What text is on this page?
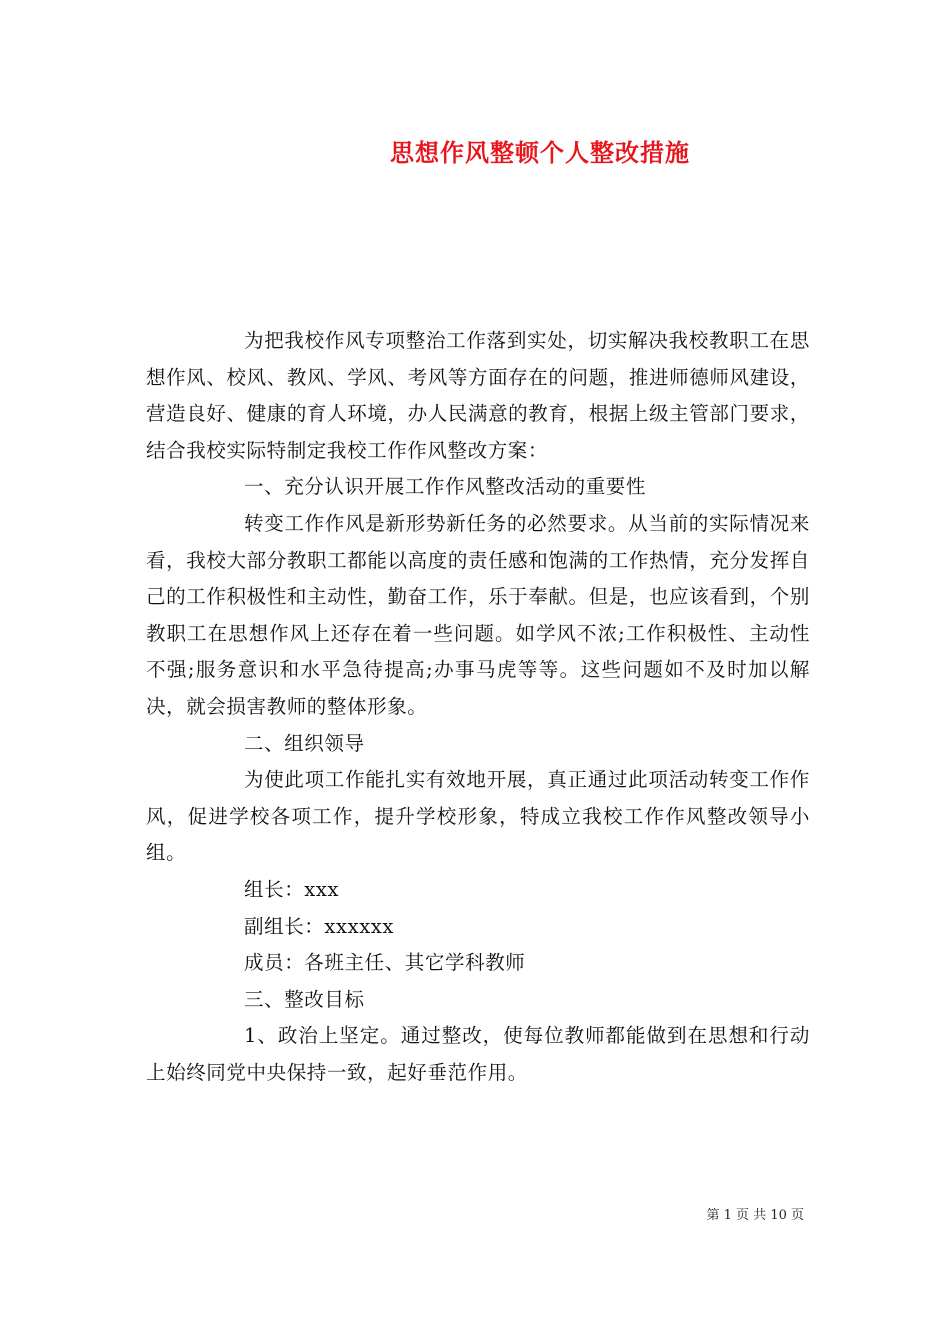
思想作风整顿个人整改措施

为把我校作风专项整治工作落到实处，切实解决我校教职工在思想作风、校风、教风、学风、考风等方面存在的问题，推进师德师风建设，营造良好、健康的育人环境，办人民满意的教育，根据上级主管部门要求，结合我校实际特制定我校工作作风整改方案：

一、充分认识开展工作作风整改活动的重要性

转变工作作风是新形势新任务的必然要求。从当前的实际情况来看，我校大部分教职工都能以高度的责任感和饱满的工作热情，充分发挥自己的工作积极性和主动性，勤奋工作，乐于奉献。但是，也应该看到，个别教职工在思想作风上还存在着一些问题。如学风不浓;工作积极性、主动性不强;服务意识和水平急待提高;办事马虎等等。这些问题如不及时加以解决，就会损害教师的整体形象。

二、组织领导

为使此项工作能扎实有效地开展，真正通过此项活动转变工作作风，促进学校各项工作，提升学校形象，特成立我校工作作风整改领导小组。

组长：xxx

副组长：xxxxxx

成员：各班主任、其它学科教师

三、整改目标

1、政治上坚定。通过整改，使每位教师都能做到在思想和行动上始终同党中央保持一致，起好垂范作用。

第 1 页 共 10 页
